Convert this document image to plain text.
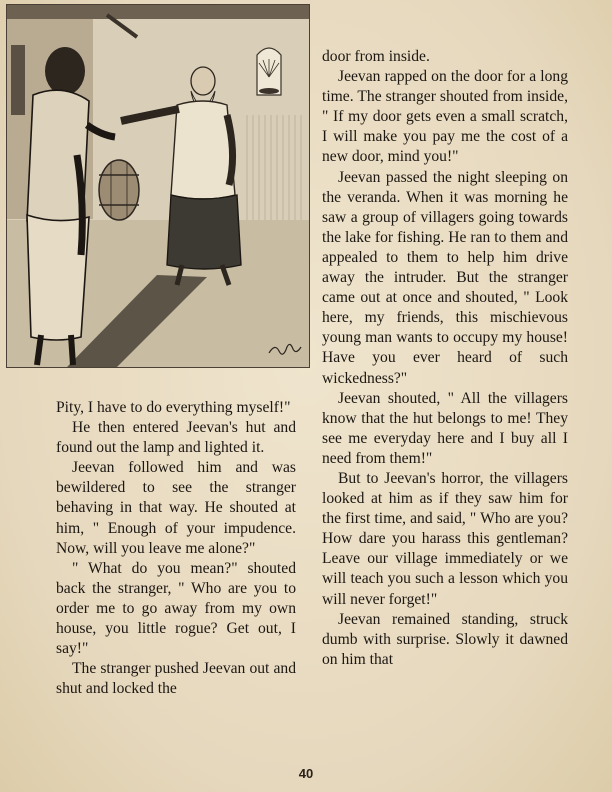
Pity, I have to do everything myself!"

He then entered Jeevan's hut and found out the lamp and lighted it.

Jeevan followed him and was bewildered to see the stranger behaving in that way. He shouted at him, " Enough of your impudence. Now, will you leave me alone?"

" What do you mean?" shouted back the stranger, " Who are you to order me to go away from my own house, you little rogue? Get out, I say!"

The stranger pushed Jeevan out and shut and locked the

door from inside.

Jeevan rapped on the door for a long time. The stranger shouted from inside, " If my door gets even a small scratch, I will make you pay me the cost of a new door, mind you!"

Jeevan passed the night sleeping on the veranda. When it was morning he saw a group of villagers going towards the lake for fishing. He ran to them and appealed to them to help him drive away the intruder. But the stranger came out at once and shouted, " Look here, my friends, this mischievous young man wants to occupy my house! Have you ever heard of such wickedness?"

Jeevan shouted, " All the villagers know that the hut belongs to me! They see me everyday here and I buy all I need from them!"

But to Jeevan's horror, the villagers looked at him as if they saw him for the first time, and said, " Who are you? How dare you harass this gentleman? Leave our village immediately or we will teach you such a lesson which you will never forget!"

Jeevan remained standing, struck dumb with surprise. Slowly it dawned on him that

40
